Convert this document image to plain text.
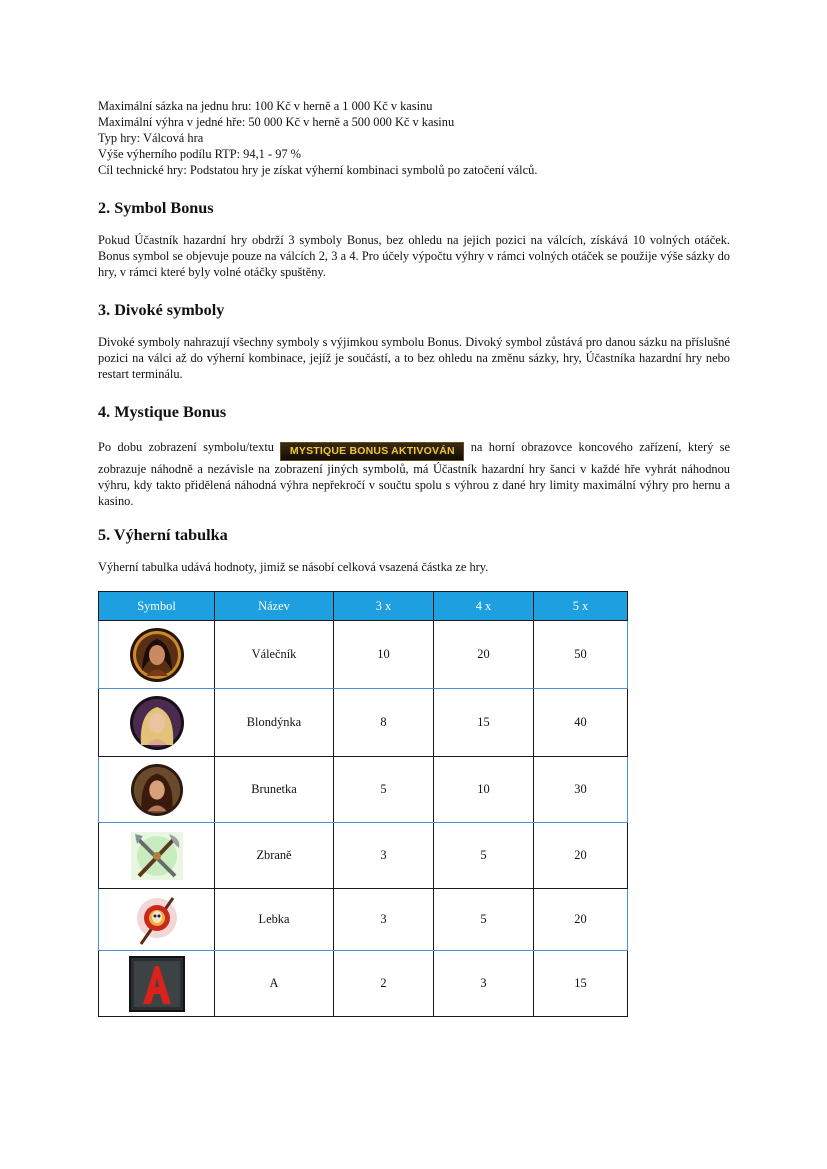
Maximální sázka na jednu hru: 100 Kč v herně a 1 000 Kč v kasinu
Maximální výhra v jedné hře: 50 000 Kč v herně a 500 000 Kč v kasinu
Typ hry: Válcová hra
Výše výherního podílu RTP: 94,1 - 97 %
Cíl technické hry: Podstatou hry je získat výherní kombinaci symbolů po zatočení válců.
2. Symbol Bonus

Pokud Účastník hazardní hry obdrží 3 symboly Bonus, bez ohledu na jejich pozici na válcích, získává 10 volných otáček. Bonus symbol se objevuje pouze na válcích 2, 3 a 4. Pro účely výpočtu výhry v rámci volných otáček se použije výše sázky do hry, v rámci které byly volné otáčky spuštěny.

3. Divoké symboly

Divoké symboly nahrazují všechny symboly s výjimkou symbolu Bonus. Divoký symbol zůstává pro danou sázku na příslušné pozici na válci až do výherní kombinace, jejíž je součástí, a to bez ohledu na změnu sázky, hry, Účastníka hazardní hry nebo restart terminálu.

4. Mystique Bonus

Po dobu zobrazení symbolu/textu MYSTIQUE BONUS AKTIVOVÁN na horní obrazovce koncového zařízení, který se zobrazuje náhodně a nezávisle na zobrazení jiných symbolů, má Účastník hazardní hry šanci v každé hře vyhrát náhodnou výhru, kdy takto přidělená náhodná výhra nepřekročí v součtu spolu s výhrou z dané hry limity maximální výhry pro hernu a kasino.

5. Výherní tabulka

Výherní tabulka udává hodnoty, jimiž se násobí celková vsazená částka ze hry.

Symbol	Název	3 x	4 x	5 x

	Válečník	10	20	50

	Blondýnka	8	15	40

	Brunetka	5	10	30

	Zbraně	3	5	20

	Lebka	3	5	20

	A	2	3	15
